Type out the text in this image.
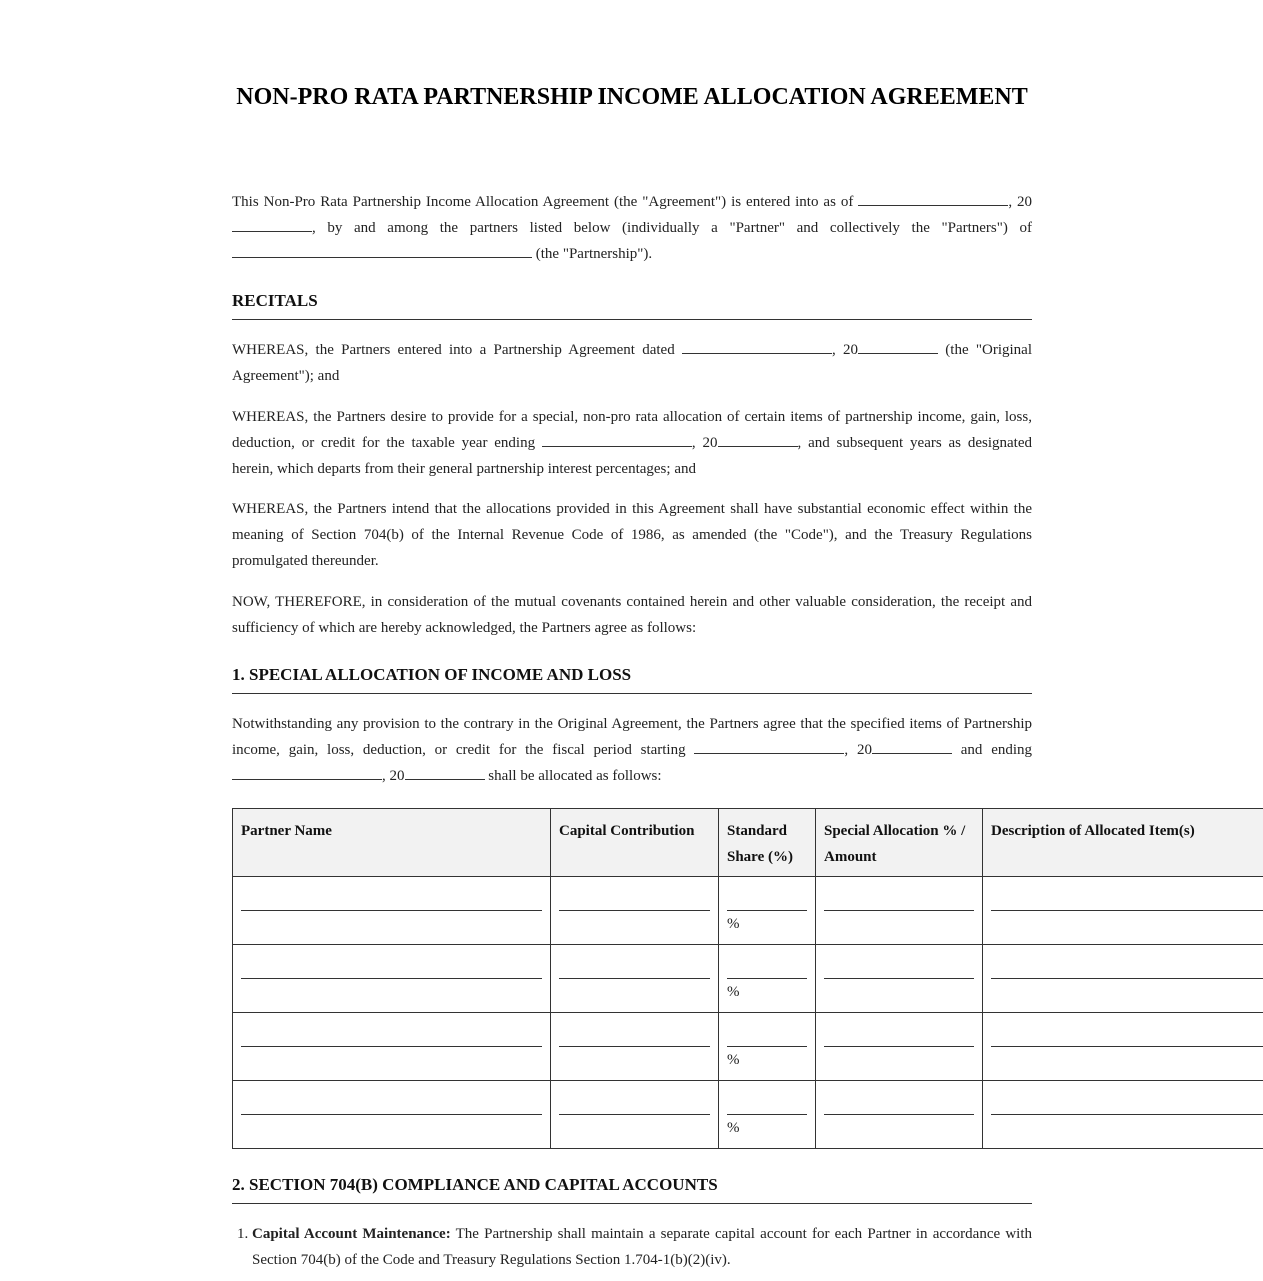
NON-PRO RATA PARTNERSHIP INCOME ALLOCATION AGREEMENT

This Non-Pro Rata Partnership Income Allocation Agreement (the "Agreement") is entered into as of	, 20, by and among the partners listed below (individually a "Partner" and collectively the "Partners") of  (the "Partnership").

RECITALS

WHEREAS, the Partners entered into a Partnership Agreement dated	, 20	(the "Original Agreement"); and

WHEREAS, the Partners desire to provide for a special, non-pro rata allocation of certain items of partnership income, gain, loss, deduction, or credit for the taxable year ending	, 20	, and subsequent years as designated herein, which departs from their general partnership interest percentages; and

WHEREAS, the Partners intend that the allocations provided in this Agreement shall have substantial economic effect within the meaning of Section 704(b) of the Internal Revenue Code of 1986, as amended (the "Code"), and the Treasury Regulations promulgated thereunder.

NOW, THEREFORE, in consideration of the mutual covenants contained herein and other valuable consideration, the receipt and sufficiency of which are hereby acknowledged, the Partners agree as follows:

1. SPECIAL ALLOCATION OF INCOME AND LOSS

Notwithstanding any provision to the contrary in the Original Agreement, the Partners agree that the specified items of Partnership income, gain, loss, deduction, or credit for the fiscal period starting	, 20	and ending , 20	shall be allocated as follows:

Partner Name	Capital Contribution	Standard Share (%)	Special Allocation % / Amount	Description of Allocated Item(s)

		%		

		%		

		%		

		%		

2. SECTION 704(B) COMPLIANCE AND CAPITAL ACCOUNTS
1. Capital Account Maintenance: The Partnership shall maintain a separate capital account for each Partner in accordance with Section 704(b) of the Code and Treasury Regulations Section 1.704-1(b)(2)(iv).
